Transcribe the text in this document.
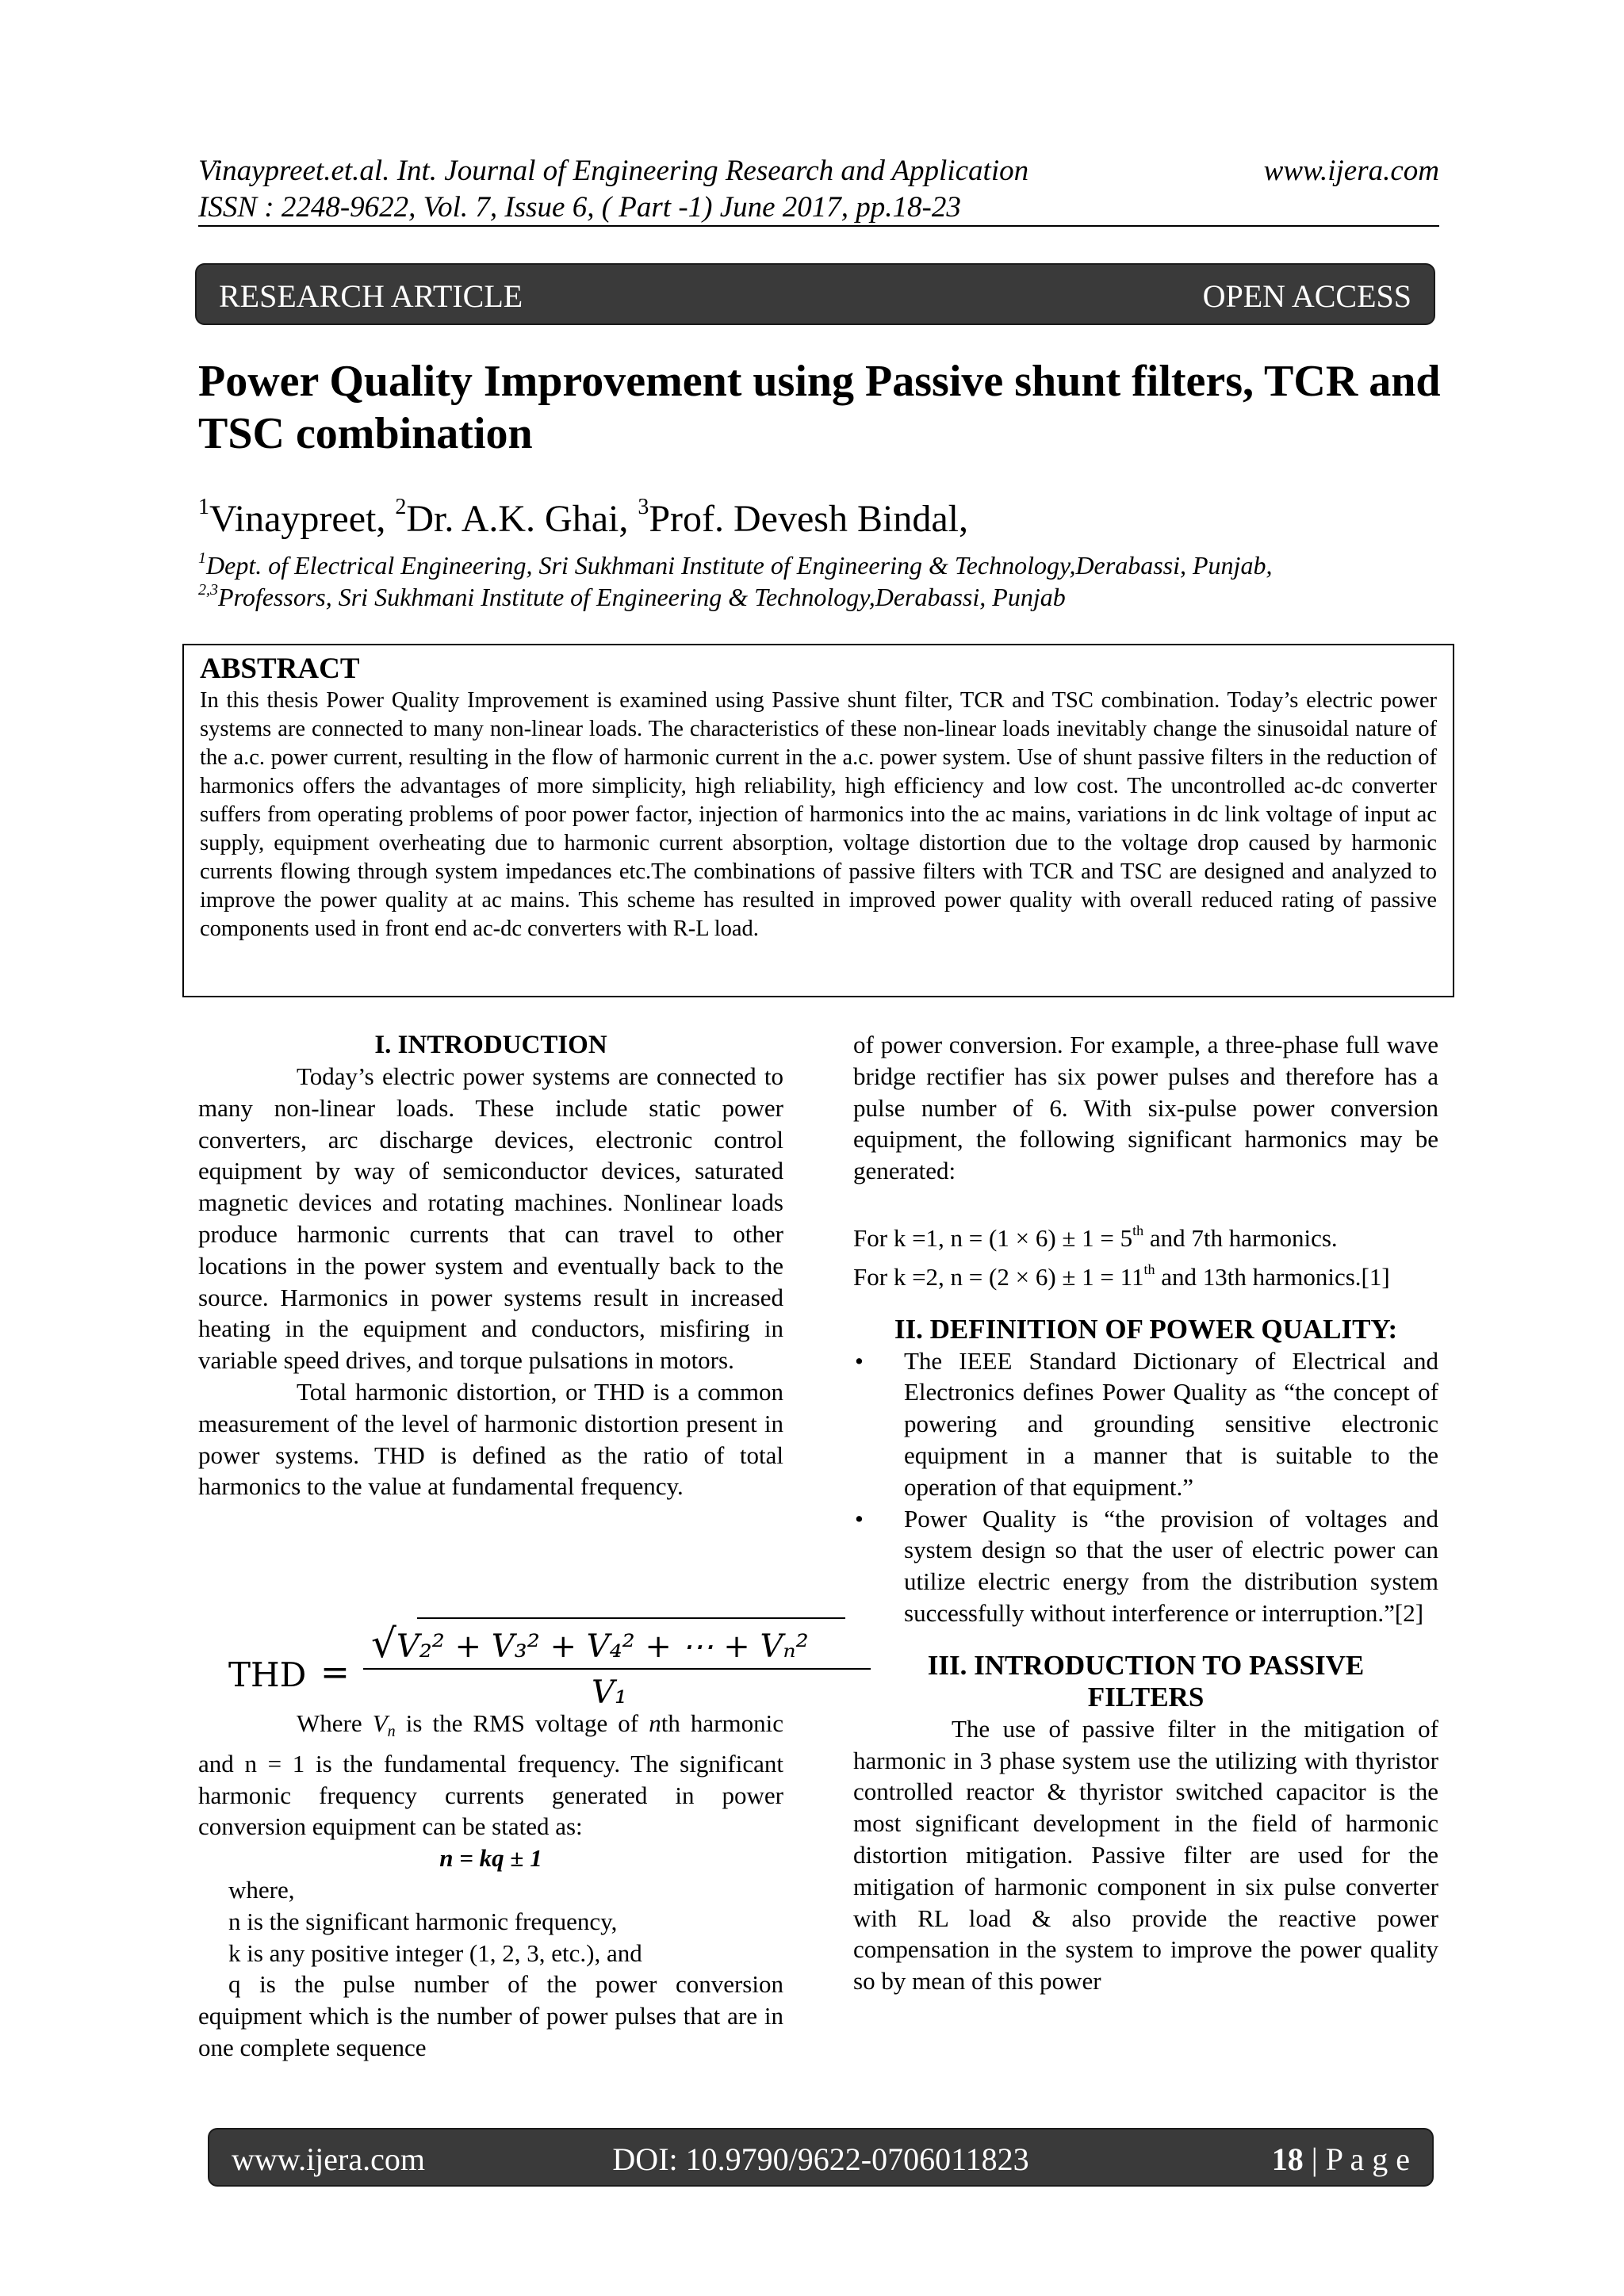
Vinaypreet.et.al. Int. Journal of Engineering Research and Application	www.ijera.com
ISSN : 2248-9622, Vol. 7, Issue 6, ( Part -1) June 2017, pp.18-23
RESEARCH ARTICLE	OPEN ACCESS
Power Quality Improvement using Passive shunt filters, TCR and TSC combination
$^1$Vinaypreet, $^2$Dr. A.K. Ghai, $^3$Prof. Devesh Bindal,
$^1$Dept. of Electrical Engineering, Sri Sukhmani Institute of Engineering & Technology,Derabassi, Punjab,
$^{2,3}$Professors, Sri Sukhmani Institute of Engineering & Technology,Derabassi, Punjab
ABSTRACT
In this thesis Power Quality Improvement is examined using Passive shunt filter, TCR and TSC combination. Today’s electric power systems are connected to many non-linear loads. The characteristics of these non-linear loads inevitably change the sinusoidal nature of the a.c. power current, resulting in the flow of harmonic current in the a.c. power system. Use of shunt passive filters in the reduction of harmonics offers the advantages of more simplicity, high reliability, high efficiency and low cost. The uncontrolled ac-dc converter suffers from operating problems of poor power factor, injection of harmonics into the ac mains, variations in dc link voltage of input ac supply, equipment overheating due to harmonic current absorption, voltage distortion due to the voltage drop caused by harmonic currents flowing through system impedances etc.The combinations of passive filters with TCR and TSC are designed and analyzed to improve the power quality at ac mains. This scheme has resulted in improved power quality with overall reduced rating of passive components used in front end ac-dc converters with R-L load.

I. INTRODUCTION

Today’s electric power systems are connected to many non-linear loads. These include static power converters, arc discharge devices, electronic control equipment by way of semiconductor devices, saturated magnetic devices and rotating machines. Nonlinear loads produce harmonic currents that can travel to other locations in the power system and eventually back to the source. Harmonics in power systems result in increased heating in the equipment and conductors, misfiring in variable speed drives, and torque pulsations in motors.

Total harmonic distortion, or THD is a common measurement of the level of harmonic distortion present in power systems. THD is defined as the ratio of total harmonics to the value at fundamental frequency.

THD =
√V₂² + V₃² + V₄² + ⋯ + Vₙ²
V₁

Where $V_n$ is the RMS voltage of nth harmonic and n = 1 is the fundamental frequency. The significant harmonic frequency currents generated in power conversion equipment can be stated as:

n = kq ± 1

where,

n is the significant harmonic frequency,

k is any positive integer (1, 2, 3, etc.), and

q is the pulse number of the power conversion equipment which is the number of power pulses that are in one complete sequence

of power conversion. For example, a three-phase full wave bridge rectifier has six power pulses and therefore has a pulse number of 6. With six-pulse power conversion equipment, the following significant harmonics may be generated:

For k =1, n = (1 × 6) ± 1 = 5th and 7th harmonics.

For k =2, n = (2 × 6) ± 1 = 11th and 13th harmonics.[1]

II. DEFINITION OF POWER QUALITY:

• The IEEE Standard Dictionary of Electrical and Electronics defines Power Quality as “the concept of powering and grounding sensitive electronic equipment in a manner that is suitable to the operation of that equipment.”
• Power Quality is “the provision of voltages and system design so that the user of electric power can utilize electric energy from the distribution system successfully without interference or interruption.”[2]

III. INTRODUCTION TO PASSIVE
FILTERS

The use of passive filter in the mitigation of harmonic in 3 phase system use the utilizing with thyristor controlled reactor & thyristor switched capacitor is the most significant development in the field of harmonic distortion mitigation. Passive filter are used for the mitigation of harmonic component in six pulse converter with RL load & also provide the reactive power compensation in the system to improve the power quality so by mean of this power

www.ijera.com	DOI: 10.9790/9622-0706011823	18 | P a g e
